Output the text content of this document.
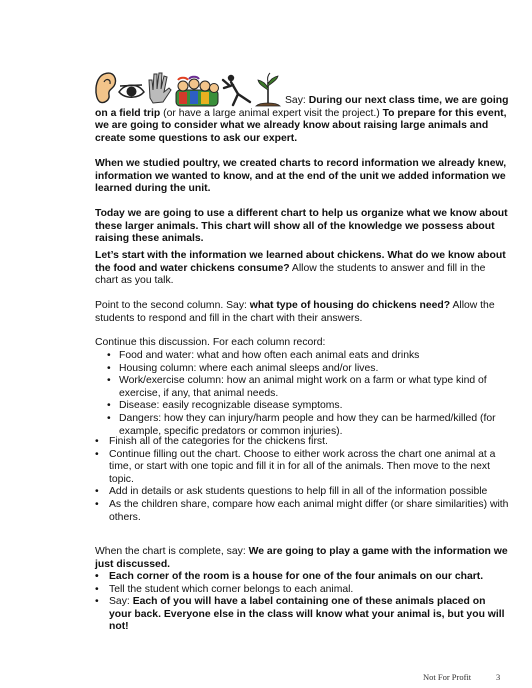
Say: During our next class time, we are going on a field trip (or have a large animal expert visit the project.) To prepare for this event, we are going to consider what we already know about raising large animals and create some questions to ask our expert.
When we studied poultry, we created charts to record information we already knew, information we wanted to know, and at the end of the unit we added information we learned during the unit.
Today we are going to use a different chart to help us organize what we know about these larger animals. This chart will show all of the knowledge we possess about raising these animals.
Let’s start with the information we learned about chickens. What do we know about the food and water chickens consume? Allow the students to answer and fill in the chart as you talk.
Point to the second column. Say: what type of housing do chickens need? Allow the students to respond and fill in the chart with their answers.
Continue this discussion. For each column record:
• Food and water: what and how often each animal eats and drinks
• Housing column: where each animal sleeps and/or lives.
• Work/exercise column: how an animal might work on a farm or what type kind of exercise, if any, that animal needs.
• Disease: easily recognizable disease symptoms.
• Dangers: how they can injury/harm people and how they can be harmed/killed (for example, specific predators or common injuries).
• Finish all of the categories for the chickens first.
• Continue filling out the chart. Choose to either work across the chart one animal at a time, or start with one topic and fill it in for all of the animals. Then move to the next topic.
• Add in details or ask students questions to help fill in all of the information possible
• As the children share, compare how each animal might differ (or share similarities) with others.
When the chart is complete, say: We are going to play a game with the information we just discussed.
• Each corner of the room is a house for one of the four animals on our chart.
• Tell the student which corner belongs to each animal.
• Say: Each of you will have a label containing one of these animals placed on your back. Everyone else in the class will know what your animal is, but you will not!
Not For Profit	3
